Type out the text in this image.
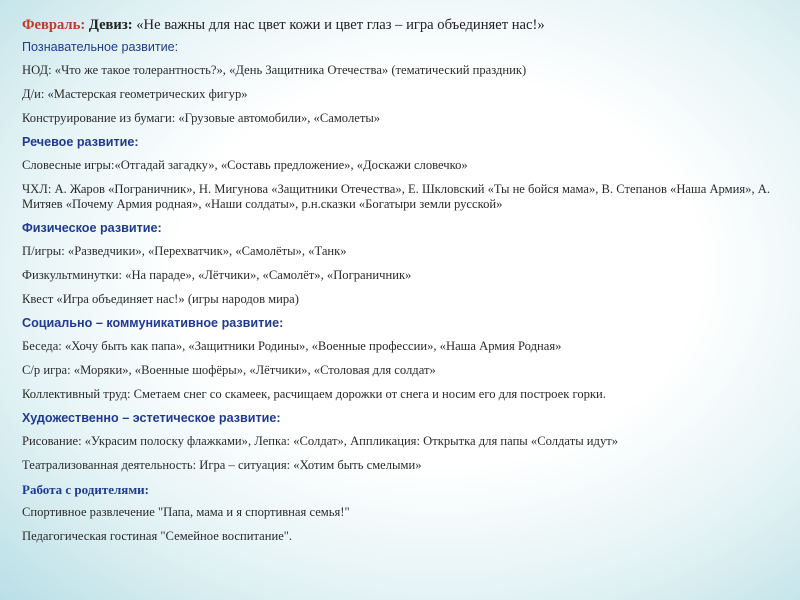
Февраль: Девиз: «Не важны для нас цвет кожи и цвет глаз – игра объединяет нас!»
Познавательное развитие:
НОД: «Что же такое толерантность?», «День Защитника Отечества» (тематический праздник)
Д/и: «Мастерская геометрических фигур»
Конструирование из бумаги: «Грузовые автомобили», «Самолеты»
Речевое развитие:
Словесные игры:«Отгадай загадку», «Составь предложение», «Доскажи словечко»
ЧХЛ: А. Жаров «Пограничник», Н. Мигунова «Защитники Отечества», Е. Шкловский «Ты не бойся мама», В. Степанов «Наша Армия», А. Митяев «Почему Армия родная», «Наши солдаты», р.н.сказки «Богатыри земли русской»
Физическое развитие:
П/игры: «Разведчики», «Перехватчик», «Самолёты», «Танк»
Физкультминутки: «На параде», «Лётчики», «Самолёт», «Пограничник»
Квест «Игра объединяет нас!» (игры народов мира)
Социально – коммуникативное развитие:
Беседа: «Хочу быть как папа», «Защитники Родины», «Военные профессии», «Наша Армия Родная»
С/р игра: «Моряки», «Военные шофёры», «Лётчики», «Столовая для солдат»
Коллективный труд: Сметаем снег со скамеек, расчищаем дорожки от снега и носим его для построек горки.
Художественно – эстетическое развитие:
Рисование: «Украсим полоску флажками», Лепка: «Солдат», Аппликация: Открытка для папы «Солдаты идут»
Театрализованная деятельность: Игра – ситуация: «Хотим быть смелыми»
Работа с родителями:
Спортивное развлечение "Папа, мама и я спортивная семья!"
Педагогическая гостиная "Семейное воспитание".
